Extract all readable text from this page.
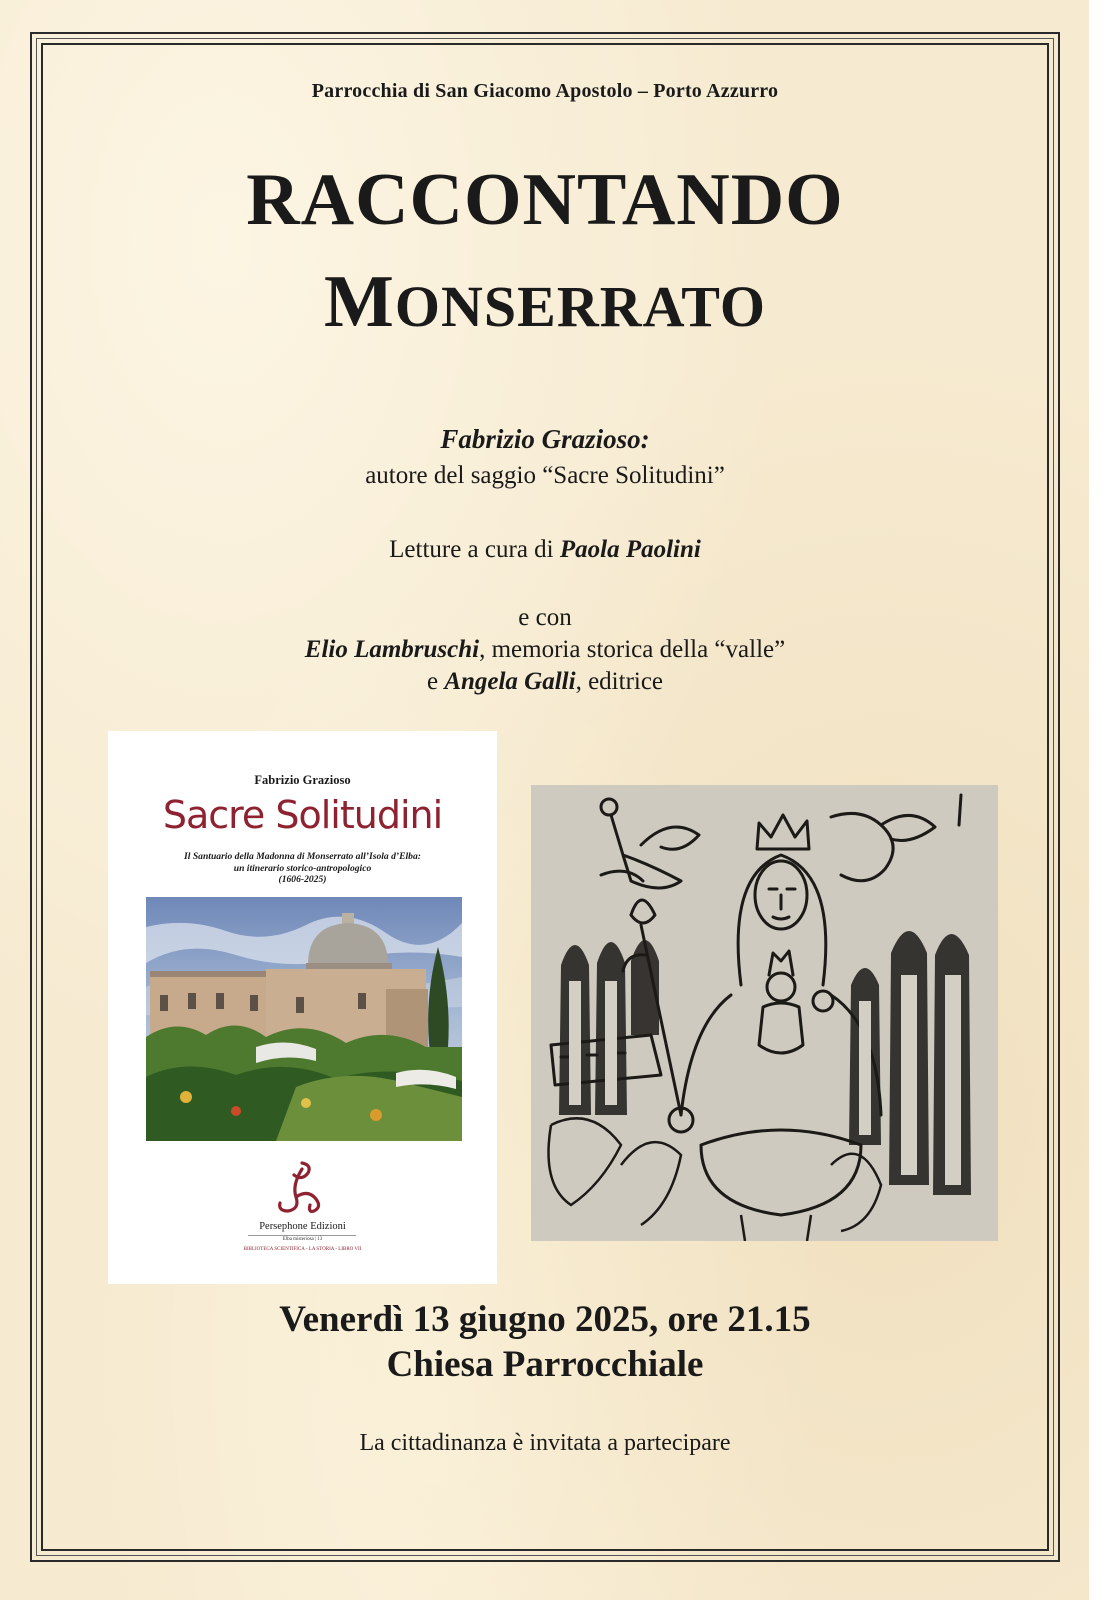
Parrocchia di San Giacomo Apostolo – Porto Azzurro
RACCONTANDO
MONSERRATO
Fabrizio Grazioso:
autore del saggio “Sacre Solitudini”
Letture a cura di Paola Paolini
e con
Elio Lambruschi, memoria storica della “valle”
e Angela Galli, editrice
Fabrizio Grazioso
Sacre Solitudini
Il Santuario della Madonna di Monserrato all’Isola d’Elba:
un itinerario storico-antropologico
(1606-2025)
Persephone Edizioni
Elba misteriosa | 13
BIBLIOTECA SCIENTIFICA - LA STORIA - LIBRO VII
Venerdì 13 giugno 2025, ore 21.15
Chiesa Parrocchiale
La cittadinanza è invitata a partecipare
